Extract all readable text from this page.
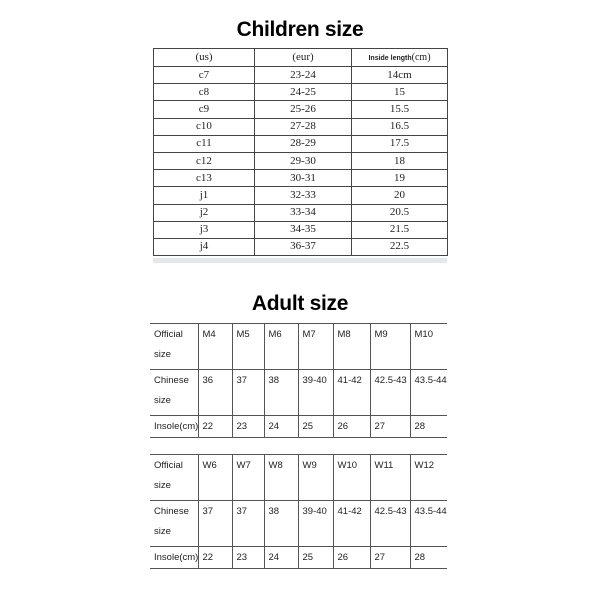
Children size
(us)	(eur)	Inside length(cm)
c7	23-24	14cm
c8	24-25	15
c9	25-26	15.5
c10	27-28	16.5
c11	28-29	17.5
c12	29-30	18
c13	30-31	19
j1	32-33	20
j2	33-34	20.5
j3	34-35	21.5
j4	36-37	22.5
Adult size
Official size	M4	M5	M6	M7	M8	M9	M10
Chinese size	36	37	38	39-40	41-42	42.5-43	43.5-44
Insole(cm)	22	23	24	25	26	27	28
Official size	W6	W7	W8	W9	W10	W11	W12
Chinese size	37	37	38	39-40	41-42	42.5-43	43.5-44
Insole(cm)	22	23	24	25	26	27	28
